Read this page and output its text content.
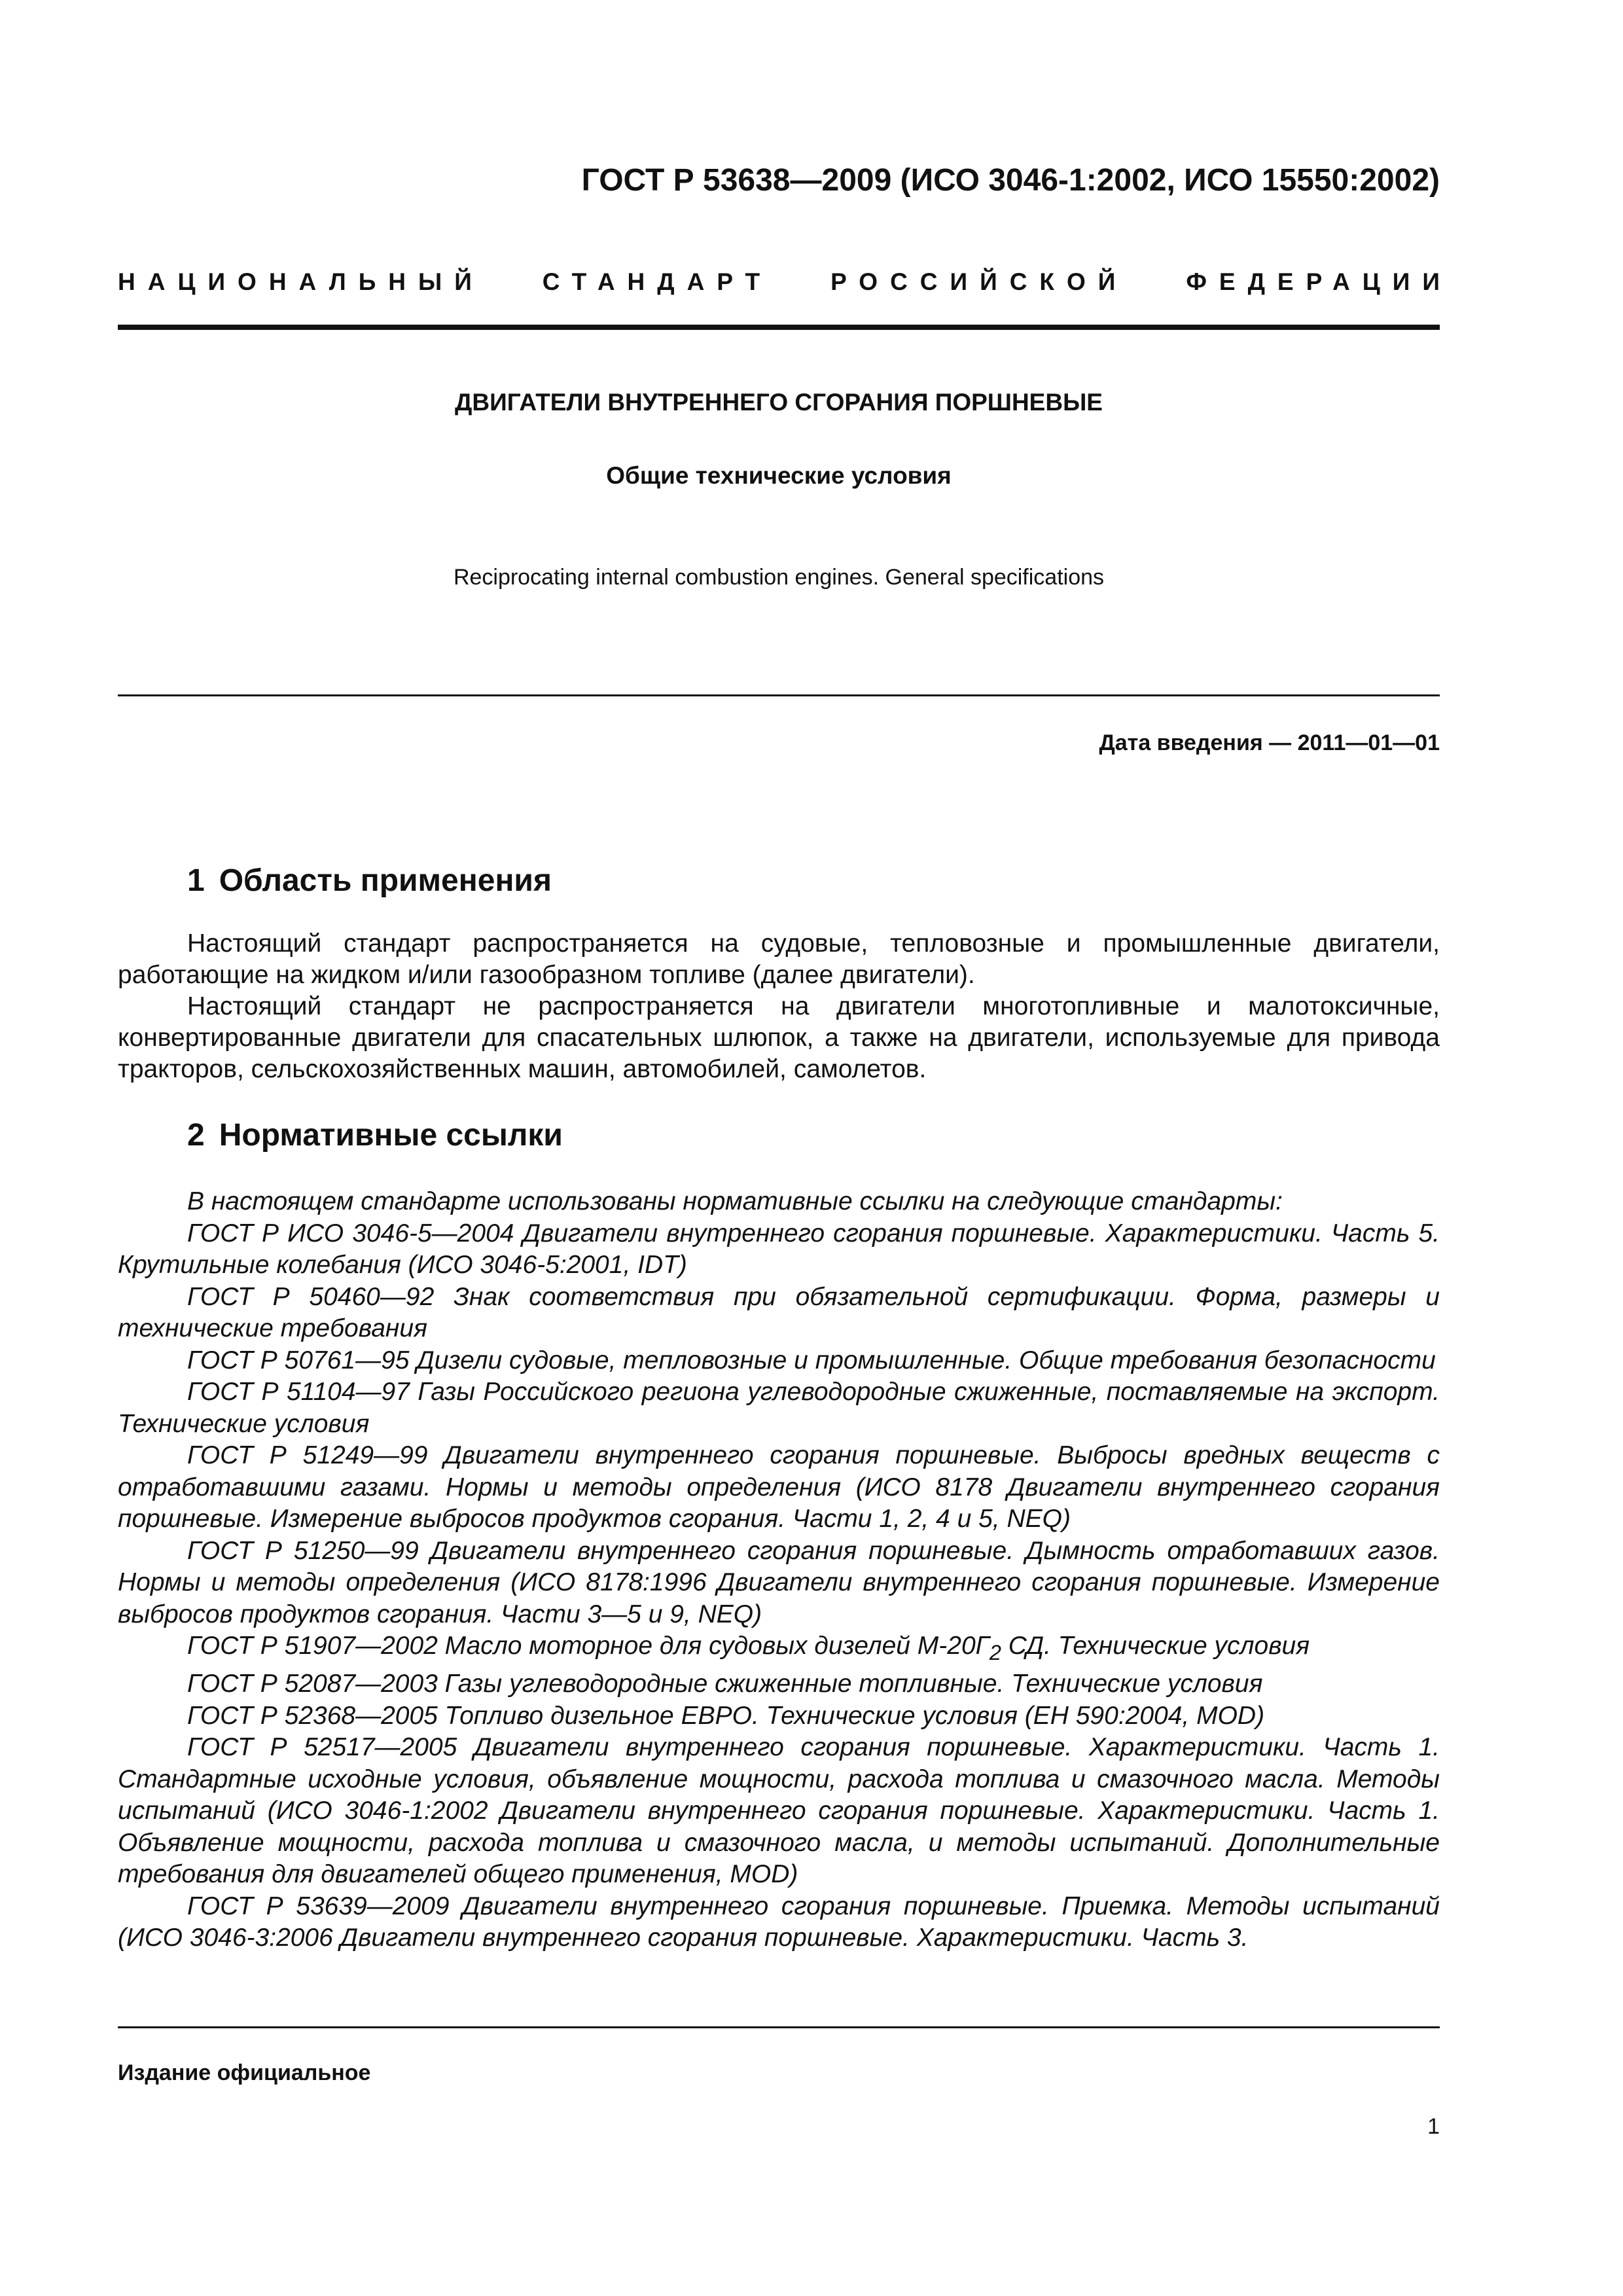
ГОСТ Р 53638—2009 (ИСО 3046-1:2002, ИСО 15550:2002)
НАЦИОНАЛЬНЫЙ СТАНДАРТ РОССИЙСКОЙ ФЕДЕРАЦИИ
ДВИГАТЕЛИ ВНУТРЕННЕГО СГОРАНИЯ ПОРШНЕВЫЕ
Общие технические условия
Reciprocating internal combustion engines. General specifications
Дата введения — 2011—01—01
1 Область применения

Настоящий стандарт распространяется на судовые, тепловозные и промышленные двигатели, работающие на жидком и/или газообразном топливе (далее двигатели).

Настоящий стандарт не распространяется на двигатели многотопливные и малотоксичные, конвертированные двигатели для спасательных шлюпок, а также на двигатели, используемые для привода тракторов, сельскохозяйственных машин, автомобилей, самолетов.

2 Нормативные ссылки

В настоящем стандарте использованы нормативные ссылки на следующие стандарты:

ГОСТ Р ИСО 3046-5—2004 Двигатели внутреннего сгорания поршневые. Характеристики. Часть 5. Крутильные колебания (ИСО 3046-5:2001, IDT)

ГОСТ Р 50460—92 Знак соответствия при обязательной сертификации. Форма, размеры и технические требования

ГОСТ Р 50761—95 Дизели судовые, тепловозные и промышленные. Общие требования безопасности

ГОСТ Р 51104—97 Газы Российского региона углеводородные сжиженные, поставляемые на экспорт. Технические условия

ГОСТ Р 51249—99 Двигатели внутреннего сгорания поршневые. Выбросы вредных веществ с отработавшими газами. Нормы и методы определения (ИСО 8178 Двигатели внутреннего сгорания поршневые. Измерение выбросов продуктов сгорания. Части 1, 2, 4 и 5, NEQ)

ГОСТ Р 51250—99 Двигатели внутреннего сгорания поршневые. Дымность отработавших газов. Нормы и методы определения (ИСО 8178:1996 Двигатели внутреннего сгорания поршневые. Измерение выбросов продуктов сгорания. Части 3—5 и 9, NEQ)

ГОСТ Р 51907—2002 Масло моторное для судовых дизелей $М-20Г_2$ СД. Технические условия

ГОСТ Р 52087—2003 Газы углеводородные сжиженные топливные. Технические условия

ГОСТ Р 52368—2005 Топливо дизельное ЕВРО. Технические условия (ЕН 590:2004, MOD)

ГОСТ Р 52517—2005 Двигатели внутреннего сгорания поршневые. Характеристики. Часть 1. Стандартные исходные условия, объявление мощности, расхода топлива и смазочного масла. Методы испытаний (ИСО 3046-1:2002 Двигатели внутреннего сгорания поршневые. Характеристики. Часть 1. Объявление мощности, расхода топлива и смазочного масла, и методы испытаний. Дополнительные требования для двигателей общего применения, MOD)

ГОСТ Р 53639—2009 Двигатели внутреннего сгорания поршневые. Приемка. Методы испытаний (ИСО 3046-3:2006 Двигатели внутреннего сгорания поршневые. Характеристики. Часть 3.

Издание официальное
1
